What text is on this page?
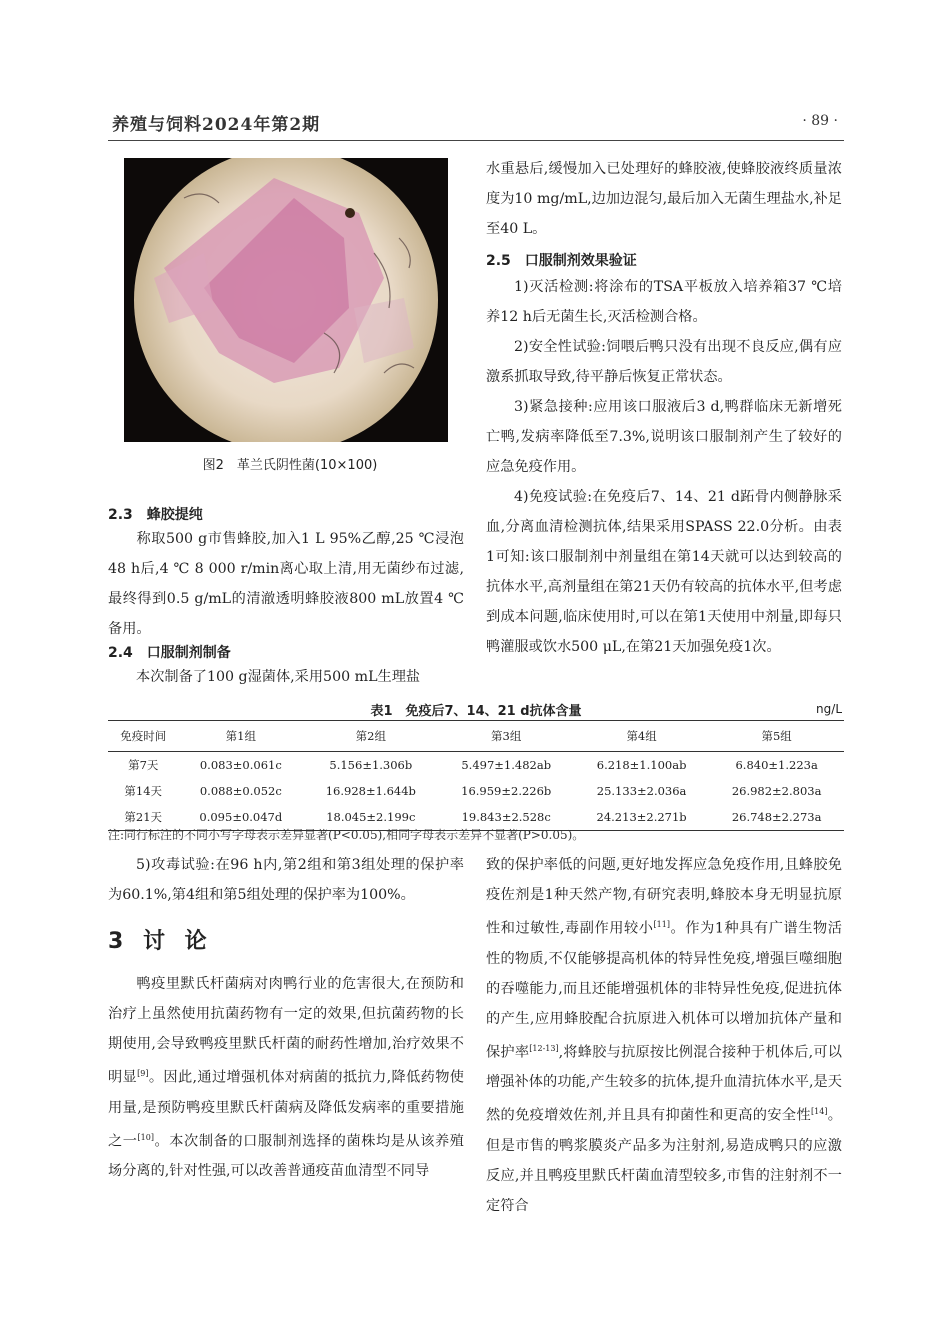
养殖与饲料2024年第2期	· 89 ·
图2　革兰氏阴性菌(10×100)
2.3　蜂胶提纯

称取500 g市售蜂胶,加入1 L 95%乙醇,25 ℃浸泡48 h后,4 ℃ 8 000 r/min离心取上清,用无菌纱布过滤,最终得到0.5 g/mL的清澈透明蜂胶液800 mL放置4 ℃备用。

2.4　口服制剂制备

本次制备了100 g湿菌体,采用500 mL生理盐

水重悬后,缓慢加入已处理好的蜂胶液,使蜂胶液终质量浓度为10 mg/mL,边加边混匀,最后加入无菌生理盐水,补足至40 L。

2.5　口服制剂效果验证

1)灭活检测:将涂布的TSA平板放入培养箱37 ℃培养12 h后无菌生长,灭活检测合格。

2)安全性试验:饲喂后鸭只没有出现不良反应,偶有应激系抓取导致,待平静后恢复正常状态。

3)紧急接种:应用该口服液后3 d,鸭群临床无新增死亡鸭,发病率降低至7.3%,说明该口服制剂产生了较好的应急免疫作用。

4)免疫试验:在免疫后7、14、21 d跖骨内侧静脉采血,分离血清检测抗体,结果采用SPASS 22.0分析。由表1可知:该口服制剂中剂量组在第14天就可以达到较高的抗体水平,高剂量组在第21天仍有较高的抗体水平,但考虑到成本问题,临床使用时,可以在第1天使用中剂量,即每只鸭灌服或饮水500 μL,在第21天加强免疫1次。

表1　免疫后7、14、21 d抗体含量	ng/L
免疫时间	第1组	第2组	第3组	第4组	第5组
第7天	0.083±0.061c	5.156±1.306b	5.497±1.482ab	6.218±1.100ab	6.840±1.223a
第14天	0.088±0.052c	16.928±1.644b	16.959±2.226b	25.133±2.036a	26.982±2.803a
第21天	0.095±0.047d	18.045±2.199c	19.843±2.528c	24.213±2.271b	26.748±2.273a
注:同行标注的不同小写字母表示差异显著(P<0.05),相同字母表示差异不显著(P>0.05)。

5)攻毒试验:在96 h内,第2组和第3组处理的保护率为60.1%,第4组和第5组处理的保护率为100%。

3 讨 论

鸭疫里默氏杆菌病对肉鸭行业的危害很大,在预防和治疗上虽然使用抗菌药物有一定的效果,但抗菌药物的长期使用,会导致鸭疫里默氏杆菌的耐药性增加,治疗效果不明显[9]。因此,通过增强机体对病菌的抵抗力,降低药物使用量,是预防鸭疫里默氏杆菌病及降低发病率的重要措施之一[10]。本次制备的口服制剂选择的菌株均是从该养殖场分离的,针对性强,可以改善普通疫苗血清型不同导

致的保护率低的问题,更好地发挥应急免疫作用,且蜂胶免疫佐剂是1种天然产物,有研究表明,蜂胶本身无明显抗原性和过敏性,毒副作用较小[11]。作为1种具有广谱生物活性的物质,不仅能够提高机体的特异性免疫,增强巨噬细胞的吞噬能力,而且还能增强机体的非特异性免疫,促进抗体的产生,应用蜂胶配合抗原进入机体可以增加抗体产量和保护率[12-13],将蜂胶与抗原按比例混合接种于机体后,可以增强补体的功能,产生较多的抗体,提升血清抗体水平,是天然的免疫增效佐剂,并且具有抑菌性和更高的安全性[14]。但是市售的鸭浆膜炎产品多为注射剂,易造成鸭只的应激反应,并且鸭疫里默氏杆菌血清型较多,市售的注射剂不一定符合
